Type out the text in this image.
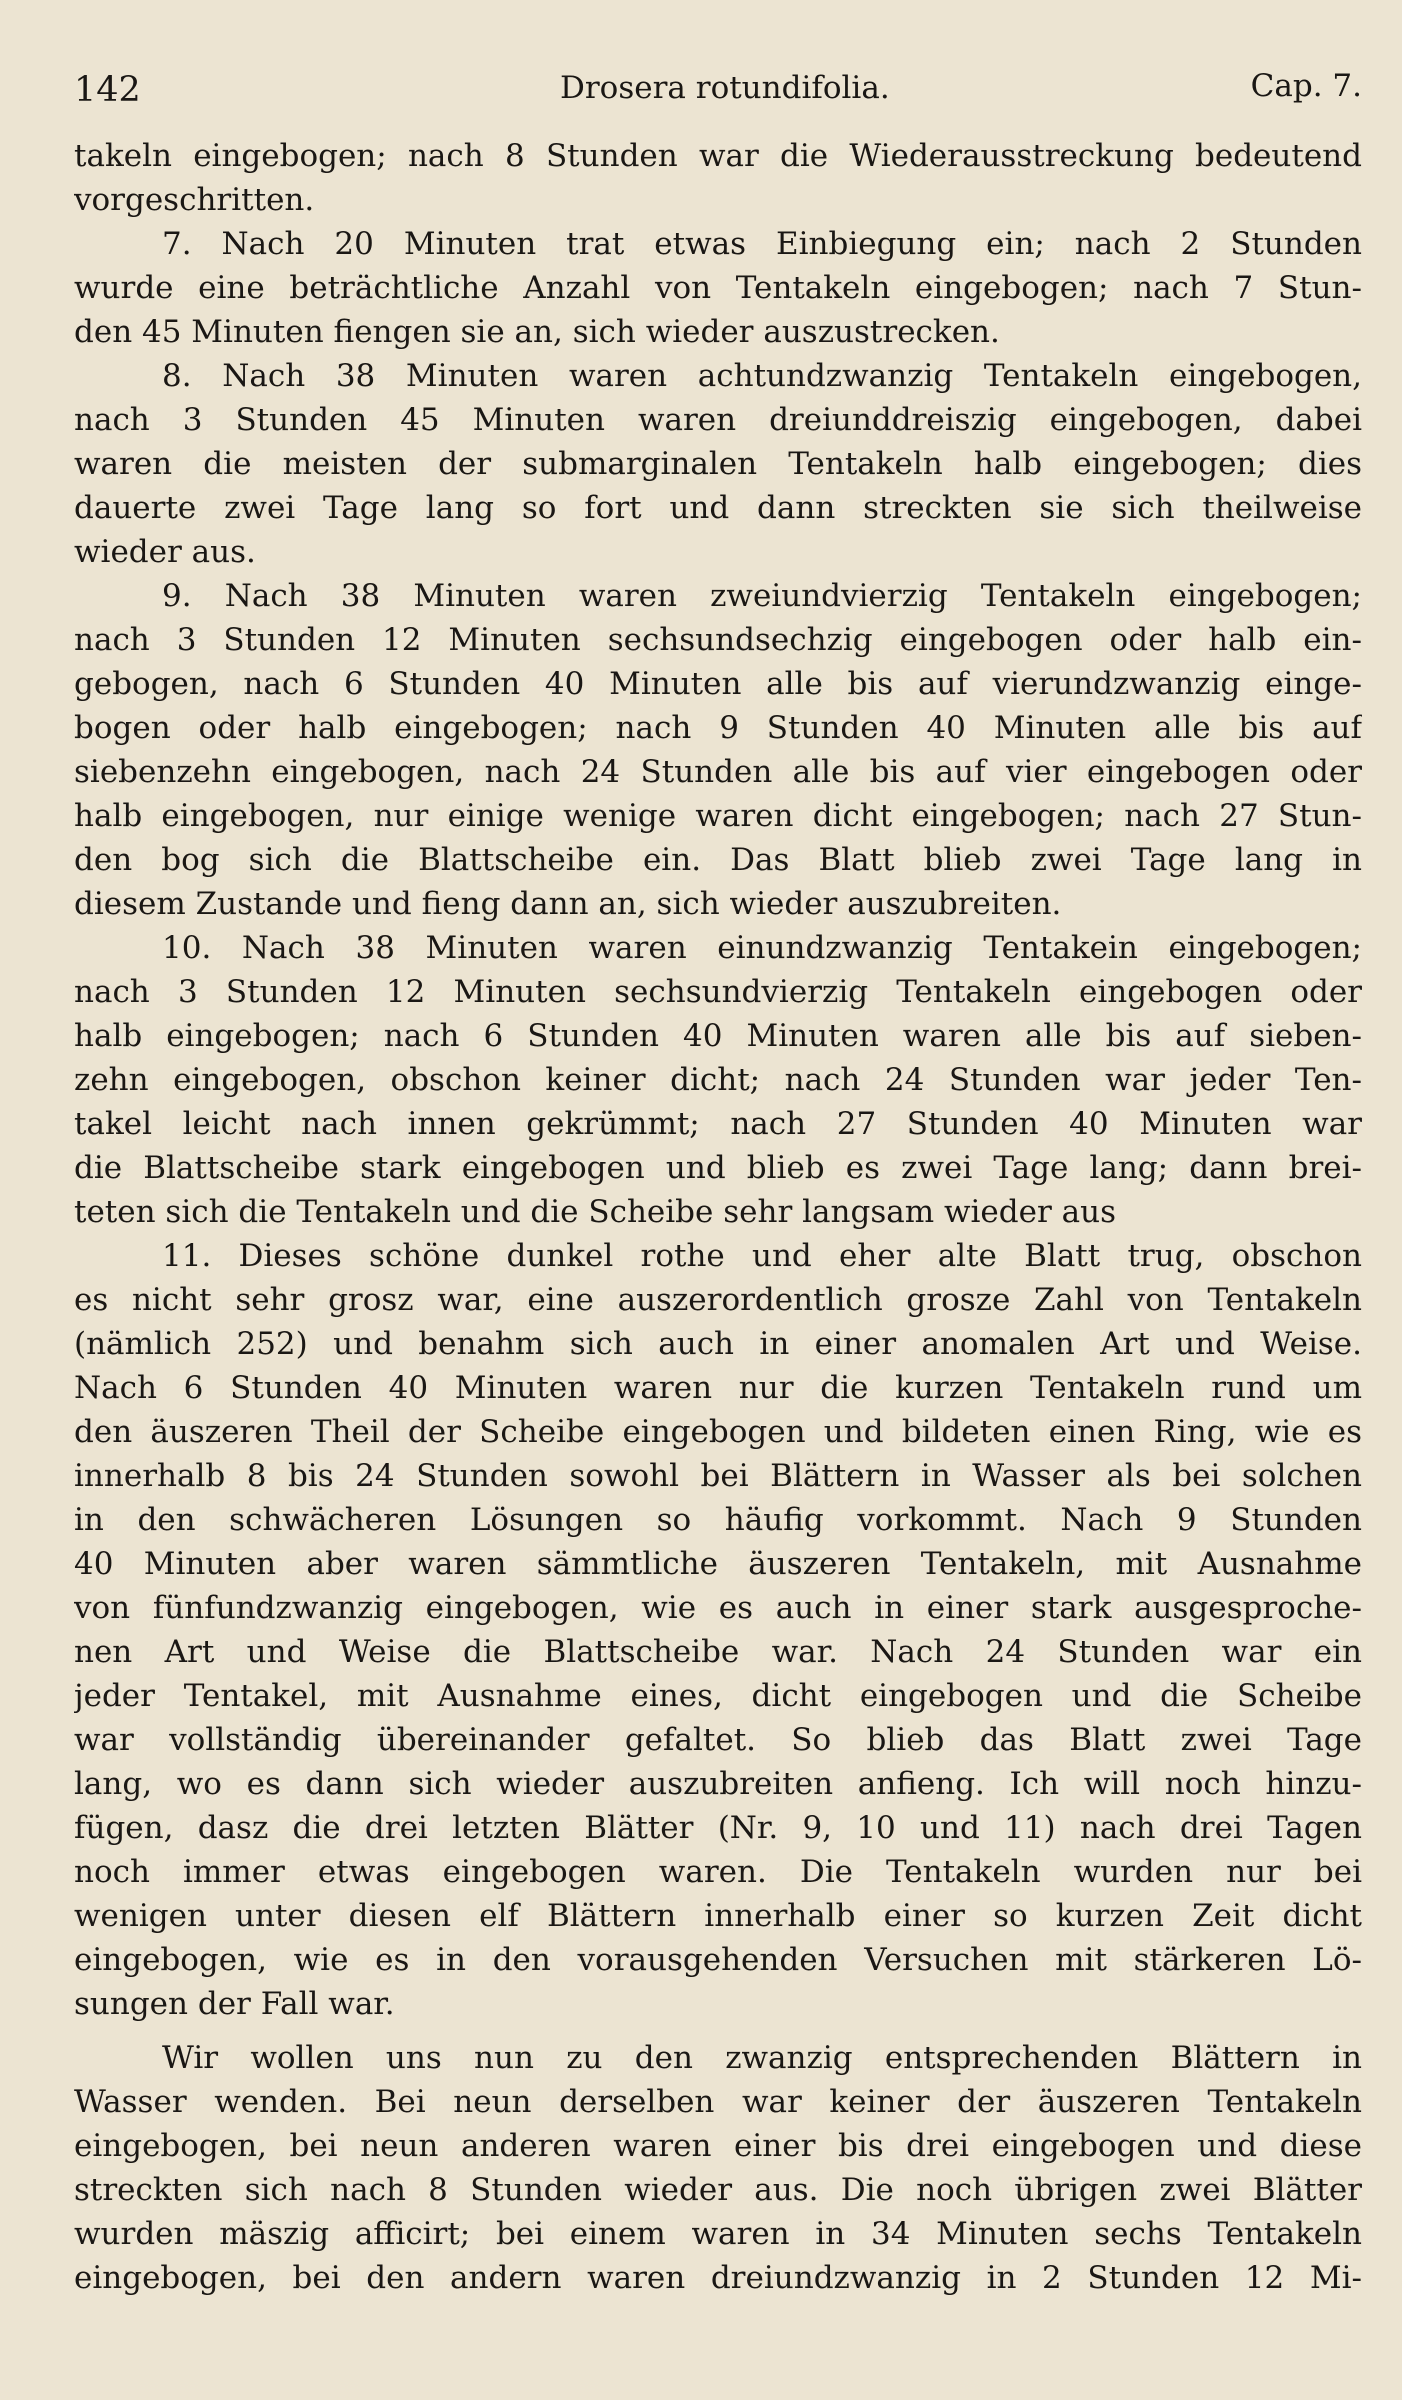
142	Drosera rotundifolia.	Cap. 7.
takeln eingebogen; nach 8 Stunden war die Wiederausstreckung bedeutend
vorgeschritten.
7. Nach 20 Minuten trat etwas Einbiegung ein; nach 2 Stunden
wurde eine beträchtliche Anzahl von Tentakeln eingebogen; nach 7 Stun-
den 45 Minuten fiengen sie an, sich wieder auszustrecken.
8. Nach 38 Minuten waren achtundzwanzig Tentakeln eingebogen,
nach 3 Stunden 45 Minuten waren dreiunddreiszig eingebogen, dabei
waren die meisten der submarginalen Tentakeln halb eingebogen; dies
dauerte zwei Tage lang so fort und dann streckten sie sich theilweise
wieder aus.
9. Nach 38 Minuten waren zweiundvierzig Tentakeln eingebogen;
nach 3 Stunden 12 Minuten sechsundsechzig eingebogen oder halb ein-
gebogen, nach 6 Stunden 40 Minuten alle bis auf vierundzwanzig einge-
bogen oder halb eingebogen; nach 9 Stunden 40 Minuten alle bis auf
siebenzehn eingebogen, nach 24 Stunden alle bis auf vier eingebogen oder
halb eingebogen, nur einige wenige waren dicht eingebogen; nach 27 Stun-
den bog sich die Blattscheibe ein. Das Blatt blieb zwei Tage lang in
diesem Zustande und fieng dann an, sich wieder auszubreiten.
10. Nach 38 Minuten waren einundzwanzig Tentakein eingebogen;
nach 3 Stunden 12 Minuten sechsundvierzig Tentakeln eingebogen oder
halb eingebogen; nach 6 Stunden 40 Minuten waren alle bis auf sieben-
zehn eingebogen, obschon keiner dicht; nach 24 Stunden war jeder Ten-
takel leicht nach innen gekrümmt; nach 27 Stunden 40 Minuten war
die Blattscheibe stark eingebogen und blieb es zwei Tage lang; dann brei-
teten sich die Tentakeln und die Scheibe sehr langsam wieder aus
11. Dieses schöne dunkel rothe und eher alte Blatt trug, obschon
es nicht sehr grosz war, eine auszerordentlich grosze Zahl von Tentakeln
(nämlich 252) und benahm sich auch in einer anomalen Art und Weise.
Nach 6 Stunden 40 Minuten waren nur die kurzen Tentakeln rund um
den äuszeren Theil der Scheibe eingebogen und bildeten einen Ring, wie es
innerhalb 8 bis 24 Stunden sowohl bei Blättern in Wasser als bei solchen
in den schwächeren Lösungen so häufig vorkommt. Nach 9 Stunden
40 Minuten aber waren sämmtliche äuszeren Tentakeln, mit Ausnahme
von fünfundzwanzig eingebogen, wie es auch in einer stark ausgesproche-
nen Art und Weise die Blattscheibe war. Nach 24 Stunden war ein
jeder Tentakel, mit Ausnahme eines, dicht eingebogen und die Scheibe
war vollständig übereinander gefaltet. So blieb das Blatt zwei Tage
lang, wo es dann sich wieder auszubreiten anfieng. Ich will noch hinzu-
fügen, dasz die drei letzten Blätter (Nr. 9, 10 und 11) nach drei Tagen
noch immer etwas eingebogen waren. Die Tentakeln wurden nur bei
wenigen unter diesen elf Blättern innerhalb einer so kurzen Zeit dicht
eingebogen, wie es in den vorausgehenden Versuchen mit stärkeren Lö-
sungen der Fall war.
Wir wollen uns nun zu den zwanzig entsprechenden Blättern in
Wasser wenden. Bei neun derselben war keiner der äuszeren Tentakeln
eingebogen, bei neun anderen waren einer bis drei eingebogen und diese
streckten sich nach 8 Stunden wieder aus. Die noch übrigen zwei Blätter
wurden mäszig afficirt; bei einem waren in 34 Minuten sechs Tentakeln
eingebogen, bei den andern waren dreiundzwanzig in 2 Stunden 12 Mi-
